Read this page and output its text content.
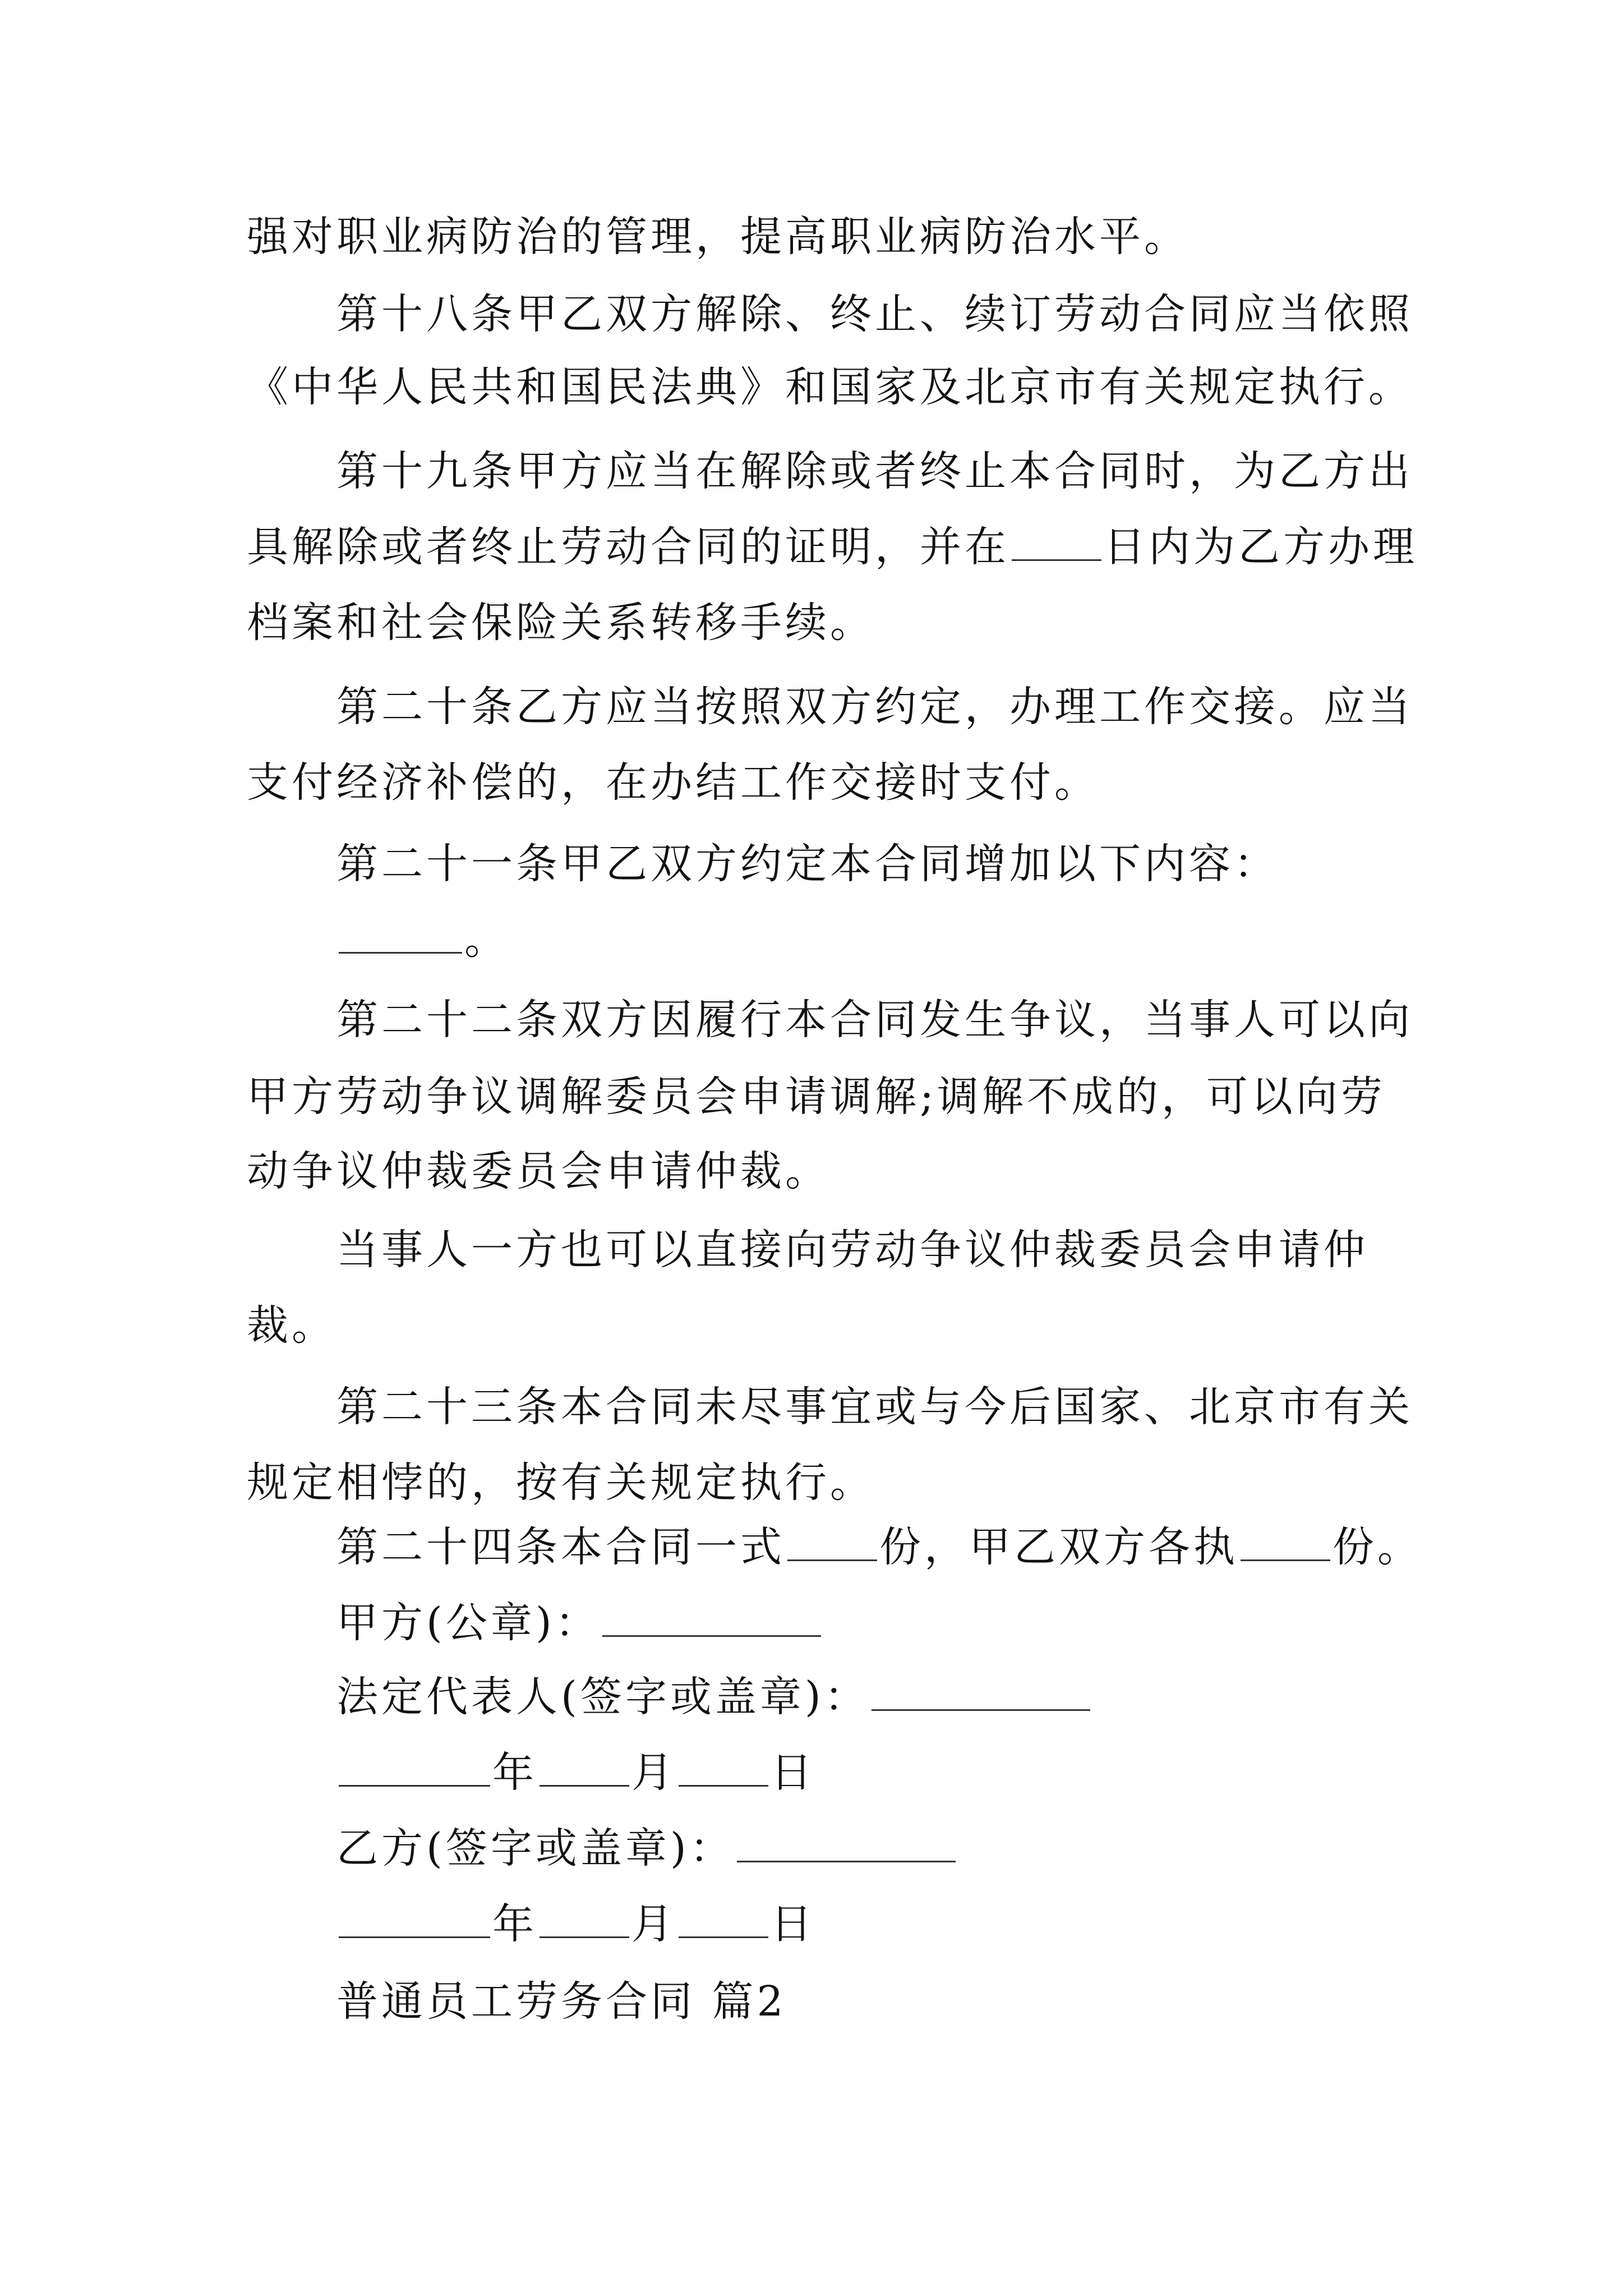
强对职业病防治的管理，提高职业病防治水平。
第十八条甲乙双方解除、终止、续订劳动合同应当依照
《中华人民共和国民法典》和国家及北京市有关规定执行。
第十九条甲方应当在解除或者终止本合同时，为乙方出
具解除或者终止劳动合同的证明，并在 日内为乙方办理
档案和社会保险关系转移手续。
第二十条乙方应当按照双方约定，办理工作交接。应当
支付经济补偿的，在办结工作交接时支付。
第二十一条甲乙双方约定本合同增加以下内容：
。
第二十二条双方因履行本合同发生争议，当事人可以向
甲方劳动争议调解委员会申请调解;调解不成的，可以向劳
动争议仲裁委员会申请仲裁。
当事人一方也可以直接向劳动争议仲裁委员会申请仲
裁。
第二十三条本合同未尽事宜或与今后国家、北京市有关
规定相悖的，按有关规定执行。
第二十四条本合同一式 份，甲乙双方各执 份。
甲方(公章)：
法定代表人(签字或盖章)：
年 月 日
乙方(签字或盖章)：
年 月 日
普通员工劳务合同 篇2
